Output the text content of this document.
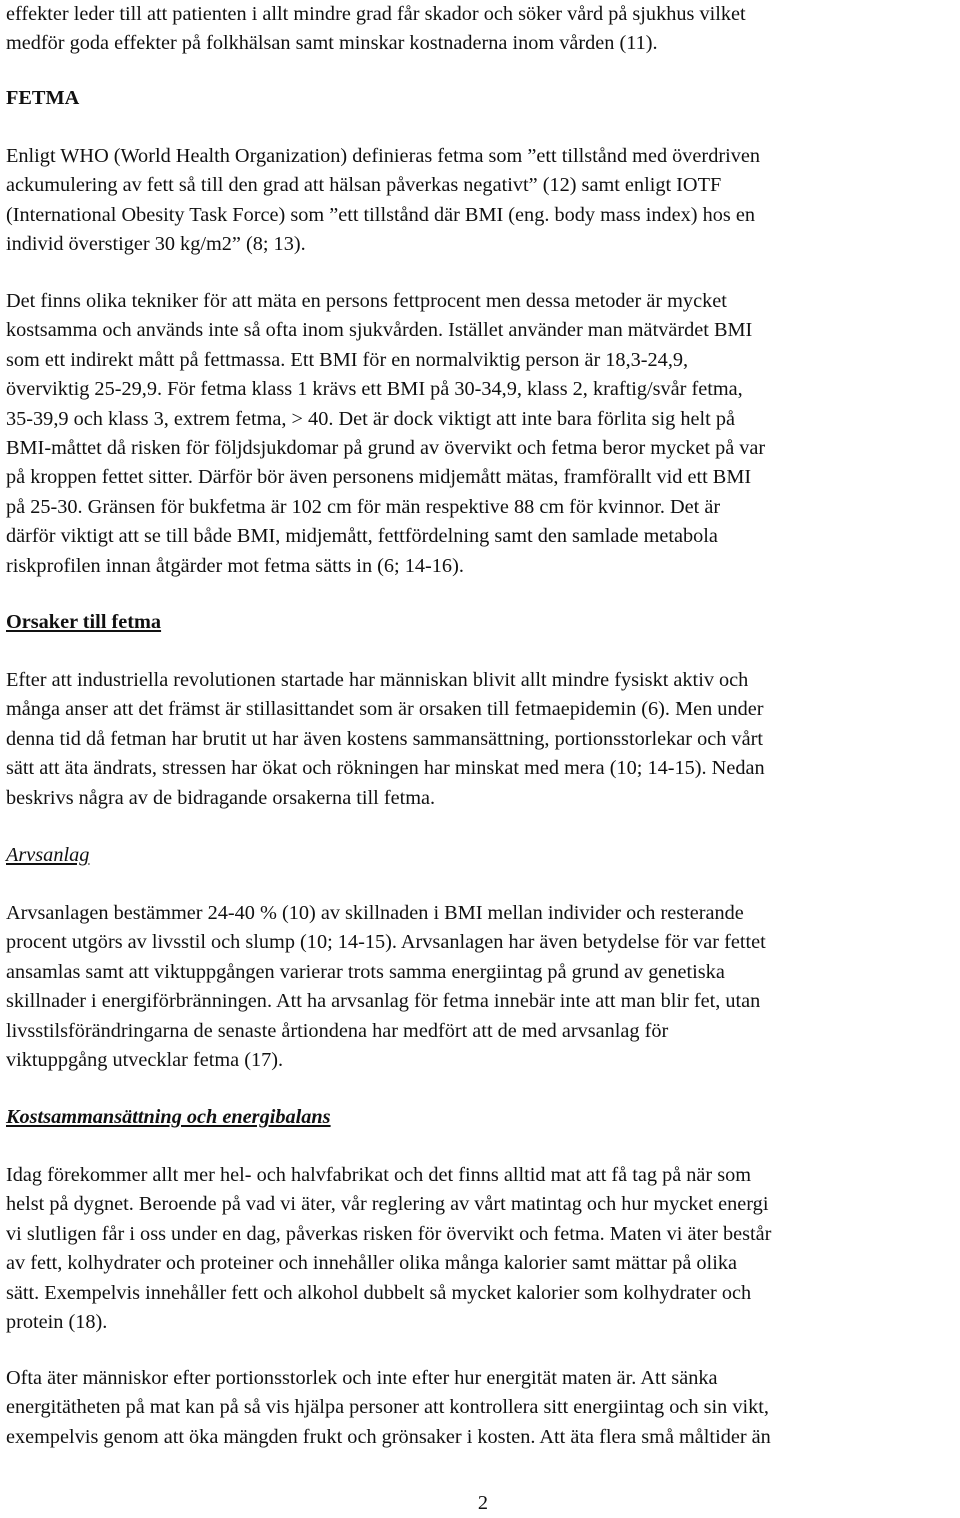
effekter leder till att patienten i allt mindre grad får skador och söker vård på sjukhus vilket
medför goda effekter på folkhälsan samt minskar kostnaderna inom vården (11).
FETMA
Enligt WHO (World Health Organization) definieras fetma som ”ett tillstånd med överdriven
ackumulering av fett så till den grad att hälsan påverkas negativt” (12) samt enligt IOTF
(International Obesity Task Force) som ”ett tillstånd där BMI (eng. body mass index) hos en
individ överstiger 30 kg/m2” (8; 13).
Det finns olika tekniker för att mäta en persons fettprocent men dessa metoder är mycket
kostsamma och används inte så ofta inom sjukvården. Istället använder man mätvärdet BMI
som ett indirekt mått på fettmassa. Ett BMI för en normalviktig person är 18,3-24,9,
överviktig 25-29,9. För fetma klass 1 krävs ett BMI på 30-34,9, klass 2, kraftig/svår fetma,
35-39,9 och klass 3, extrem fetma, > 40. Det är dock viktigt att inte bara förlita sig helt på
BMI-måttet då risken för följdsjukdomar på grund av övervikt och fetma beror mycket på var
på kroppen fettet sitter. Därför bör även personens midjemått mätas, framförallt vid ett BMI
på 25-30. Gränsen för bukfetma är 102 cm för män respektive 88 cm för kvinnor. Det är
därför viktigt att se till både BMI, midjemått, fettfördelning samt den samlade metabola
riskprofilen innan åtgärder mot fetma sätts in (6; 14-16).
Orsaker till fetma
Efter att industriella revolutionen startade har människan blivit allt mindre fysiskt aktiv och
många anser att det främst är stillasittandet som är orsaken till fetmaepidemin (6). Men under
denna tid då fetman har brutit ut har även kostens sammansättning, portionsstorlekar och vårt
sätt att äta ändrats, stressen har ökat och rökningen har minskat med mera (10; 14-15). Nedan
beskrivs några av de bidragande orsakerna till fetma.
Arvsanlag
Arvsanlagen bestämmer 24-40 % (10) av skillnaden i BMI mellan individer och resterande
procent utgörs av livsstil och slump (10; 14-15). Arvsanlagen har även betydelse för var fettet
ansamlas samt att viktuppgången varierar trots samma energiintag på grund av genetiska
skillnader i energiförbränningen. Att ha arvsanlag för fetma innebär inte att man blir fet, utan
livsstilsförändringarna de senaste årtiondena har medfört att de med arvsanlag för
viktuppgång utvecklar fetma (17).
Kostsammansättning och energibalans
Idag förekommer allt mer hel- och halvfabrikat och det finns alltid mat att få tag på när som
helst på dygnet. Beroende på vad vi äter, vår reglering av vårt matintag och hur mycket energi
vi slutligen får i oss under en dag, påverkas risken för övervikt och fetma. Maten vi äter består
av fett, kolhydrater och proteiner och innehåller olika många kalorier samt mättar på olika
sätt. Exempelvis innehåller fett och alkohol dubbelt så mycket kalorier som kolhydrater och
protein (18).
Ofta äter människor efter portionsstorlek och inte efter hur energität maten är. Att sänka
energitätheten på mat kan på så vis hjälpa personer att kontrollera sitt energiintag och sin vikt,
exempelvis genom att öka mängden frukt och grönsaker i kosten. Att äta flera små måltider än
2
